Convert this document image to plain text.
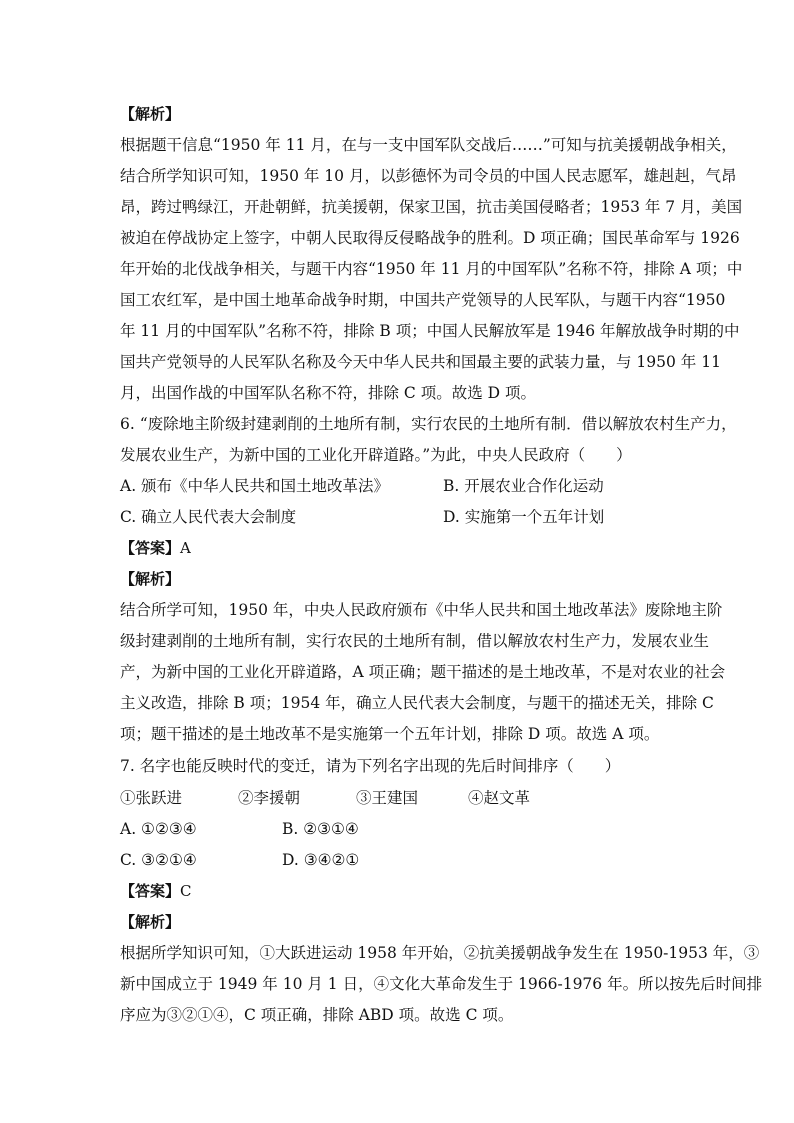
【解析】
根据题干信息“1950 年 11 月，在与一支中国军队交战后……”可知与抗美援朝战争相关，
结合所学知识可知，1950 年 10 月，以彭德怀为司令员的中国人民志愿军，雄赳赳，气昂
昂，跨过鸭绿江，开赴朝鲜，抗美援朝，保家卫国，抗击美国侵略者；1953 年 7 月，美国
被迫在停战协定上签字，中朝人民取得反侵略战争的胜利。D 项正确；国民革命军与 1926
年开始的北伐战争相关，与题干内容“1950 年 11 月的中国军队”名称不符，排除 A 项；中
国工农红军，是中国土地革命战争时期，中国共产党领导的人民军队，与题干内容“1950
年 11 月的中国军队”名称不符，排除 B 项；中国人民解放军是 1946 年解放战争时期的中
国共产党领导的人民军队名称及今天中华人民共和国最主要的武装力量，与 1950 年 11
月，出国作战的中国军队名称不符，排除 C 项。故选 D 项。
6. “废除地主阶级封建剥削的土地所有制，实行农民的土地所有制．借以解放农村生产力，
发展农业生产，为新中国的工业化开辟道路。”为此，中央人民政府（　　）
A. 颁布《中华人民共和国土地改革法》	B. 开展农业合作化运动
C. 确立人民代表大会制度	D. 实施第一个五年计划
【答案】A
【解析】
结合所学可知，1950 年，中央人民政府颁布《中华人民共和国土地改革法》废除地主阶
级封建剥削的土地所有制，实行农民的土地所有制，借以解放农村生产力，发展农业生
产，为新中国的工业化开辟道路，A 项正确；题干描述的是土地改革，不是对农业的社会
主义改造，排除 B 项；1954 年，确立人民代表大会制度，与题干的描述无关，排除 C
项；题干描述的是土地改革不是实施第一个五年计划，排除 D 项。故选 A 项。
7. 名字也能反映时代的变迁，请为下列名字出现的先后时间排序（　　）
①张跃进	②李援朝	③王建国	④赵文革
A. ①②③④	B. ②③①④
C. ③②①④	D. ③④②①
【答案】C
【解析】
根据所学知识可知，①大跃进运动 1958 年开始，②抗美援朝战争发生在 1950-1953 年，③
新中国成立于 1949 年 10 月 1 日，④文化大革命发生于 1966-1976 年。所以按先后时间排
序应为③②①④，C 项正确，排除 ABD 项。故选 C 项。
